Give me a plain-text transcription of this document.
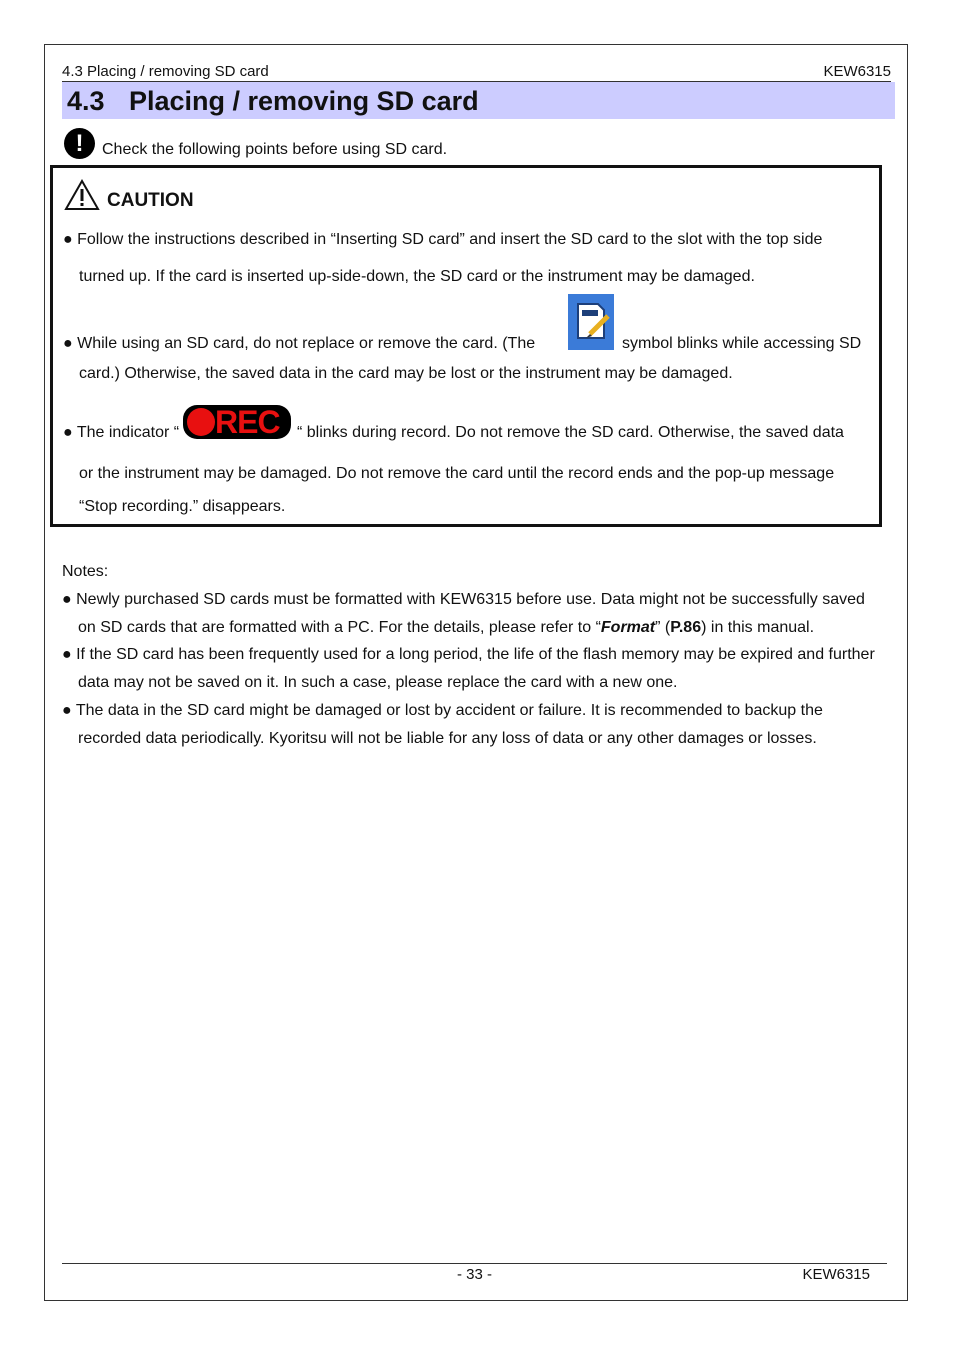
4.3 Placing / removing SD card	KEW6315
4.3 Placing / removing SD card
!	Check the following points before using SD card.
CAUTION
● Follow the instructions described in “Inserting SD card” and insert the SD card to the slot with the top side
turned up. If the card is inserted up-side-down, the SD card or the instrument may be damaged.
● While using an SD card, do not replace or remove the card. (The	symbol blinks while accessing SD
card.) Otherwise, the saved data in the card may be lost or the instrument may be damaged.
● The indicator “ REC “ blinks during record. Do not remove the SD card. Otherwise, the saved data
or the instrument may be damaged. Do not remove the card until the record ends and the pop-up message
“Stop recording.” disappears.
Notes:
● Newly purchased SD cards must be formatted with KEW6315 before use. Data might not be successfully saved
on SD cards that are formatted with a PC. For the details, please refer to “Format” (P.86) in this manual.
● If the SD card has been frequently used for a long period, the life of the flash memory may be expired and further
data may not be saved on it. In such a case, please replace the card with a new one.
● The data in the SD card might be damaged or lost by accident or failure. It is recommended to backup the
recorded data periodically. Kyoritsu will not be liable for any loss of data or any other damages or losses.
- 33 -	KEW6315
